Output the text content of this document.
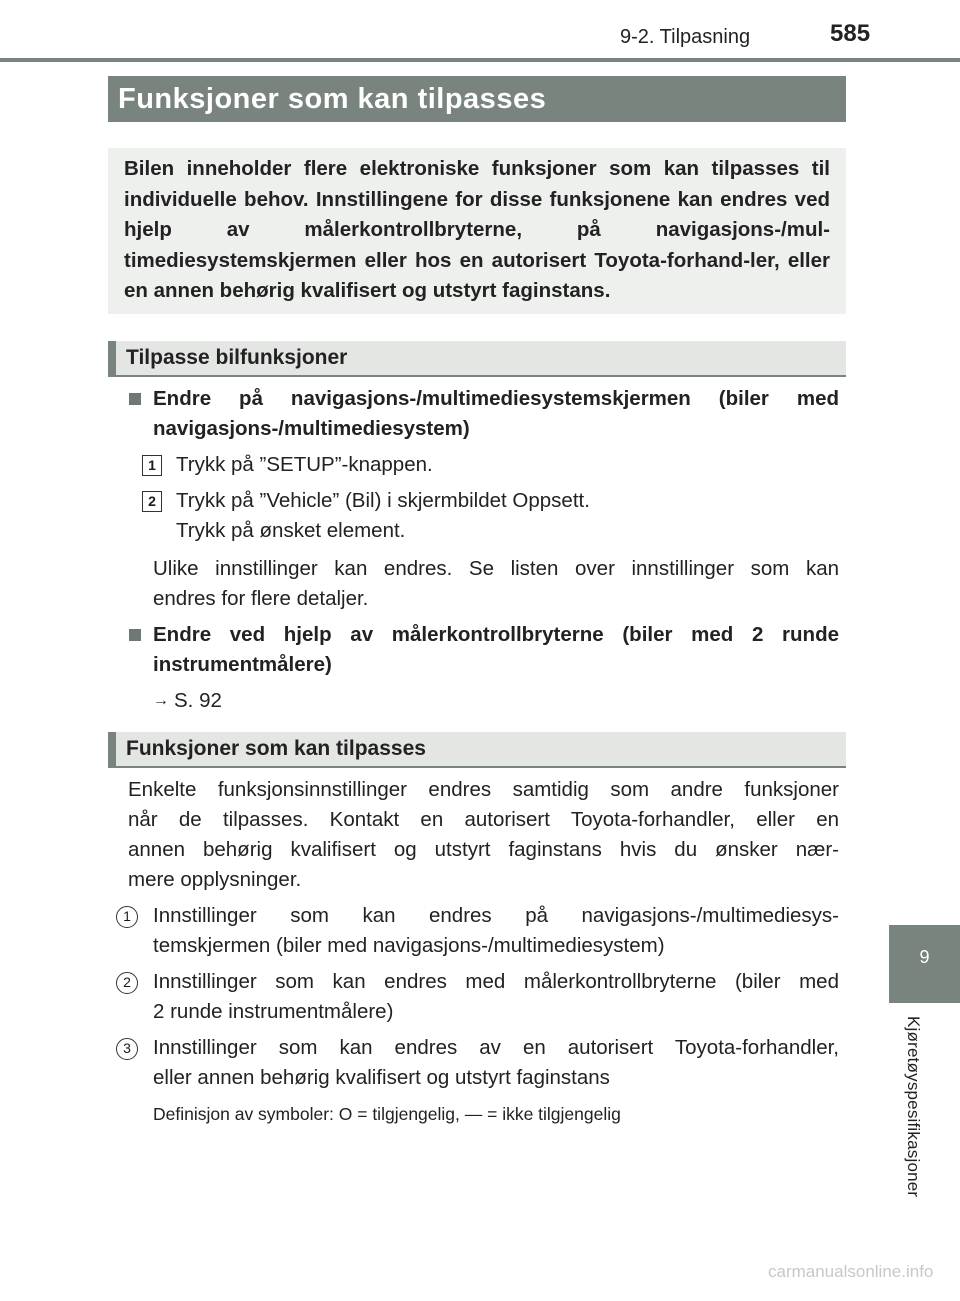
9-2. Tilpasning	585
9
Kjøretøyspesifikasjoner
Funksjoner som kan tilpasses
Bilen inneholder flere elektroniske funksjoner som kan tilpasses til individuelle behov. Innstillingene for disse funksjonene kan endres ved hjelp av målerkontrollbryterne, på navigasjons-/mul-timediesystemskjermen eller hos en autorisert Toyota-forhand-ler, eller en annen behørig kvalifisert og utstyrt faginstans.
Tilpasse bilfunksjoner
Endre på navigasjons-/multimediesystemskjermen (biler med
navigasjons-/multimediesystem)
1 Trykk på ”SETUP”-knappen.
2 Trykk på ”Vehicle” (Bil) i skjermbildet Oppsett.
Trykk på ønsket element.
Ulike innstillinger kan endres. Se listen over innstillinger som kan
endres for flere detaljer.
Endre ved hjelp av målerkontrollbryterne (biler med 2 runde
instrumentmålere)
→ S. 92
Funksjoner som kan tilpasses
Enkelte funksjonsinnstillinger endres samtidig som andre funksjoner
når de tilpasses. Kontakt en autorisert Toyota-forhandler, eller en
annen behørig kvalifisert og utstyrt faginstans hvis du ønsker nær-
mere opplysninger.
1	Innstillinger som kan endres på navigasjons-/multimediesys-
temskjermen (biler med navigasjons-/multimediesystem)
2	Innstillinger som kan endres med målerkontrollbryterne (biler med
2 runde instrumentmålere)
3	Innstillinger som kan endres av en autorisert Toyota-forhandler,
eller annen behørig kvalifisert og utstyrt faginstans
Definisjon av symboler: O = tilgjengelig, — = ikke tilgjengelig
carmanualsonline.info
